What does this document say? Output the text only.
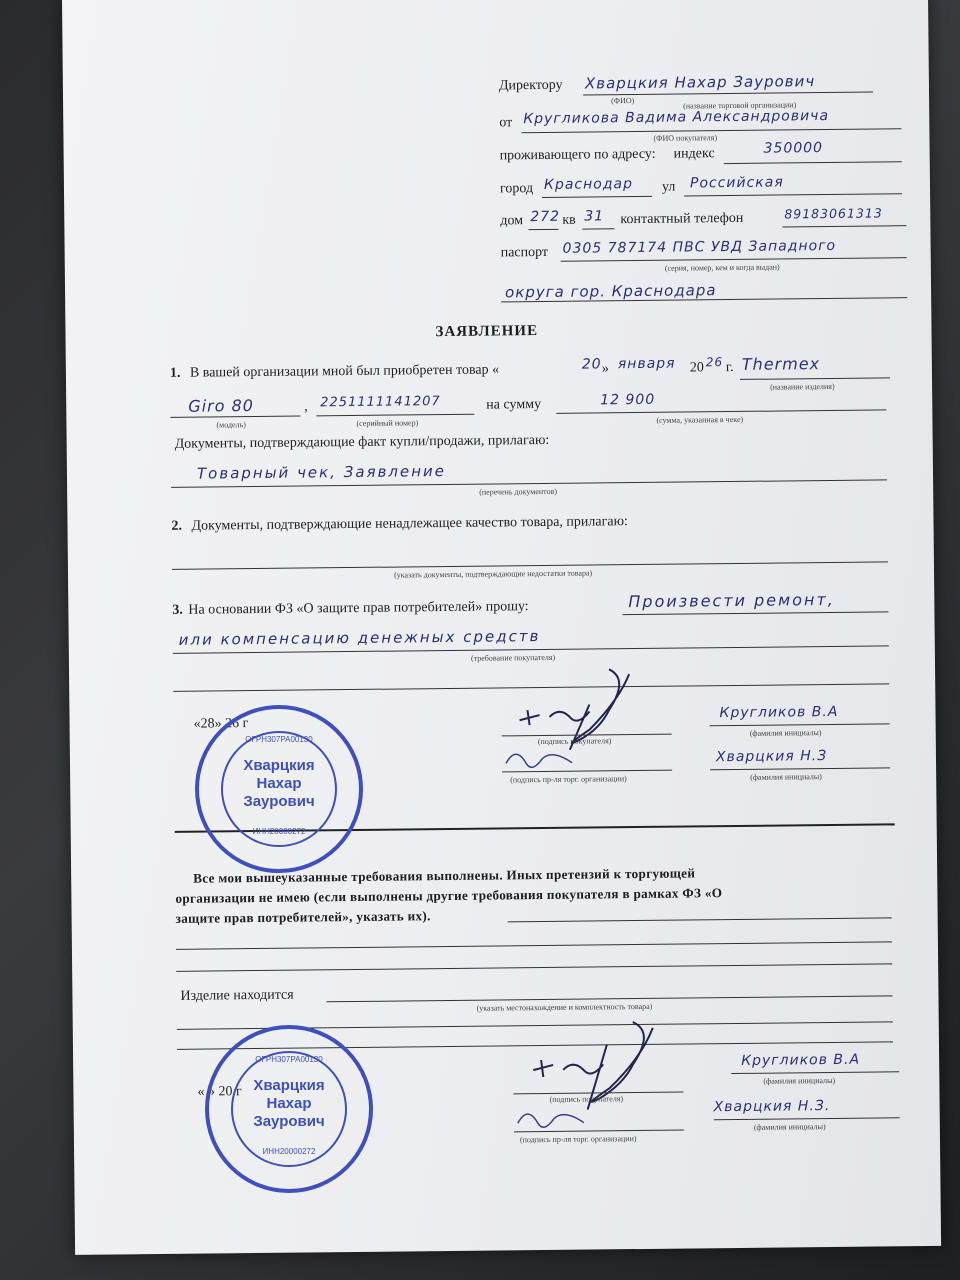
Директору Хварцкия Нахар Заурович
(ФИО)	(название торговой организации)
от Кругликова Вадима Александровича
(ФИО покупателя)
проживающего по адресу: индекс	350000
город Краснодар ул Российская
дом 272 кв 31 контактный телефон	89183061313
паспорт 0305 787174 ПВС УВД Западного
(серия, номер, кем и когда выдан)
округа гор. Краснодара
ЗАЯВЛЕНИЕ
1. В вашей организации мной был приобретен товар «	20 » января 20 26 г. Thermex
(название изделия)
Giro 80
(модель)
, 2251111141207
(серийный номер)
на сумму	12 900
(сумма, указанная в чеке)
Документы, подтверждающие факт купли/продажи, прилагаю:
Товарный чек, Заявление
(перечень документов)
2. Документы, подтверждающие ненадлежащее качество товара, прилагаю:
(указать документы, подтверждающие недостатки товара)
3. На основании ФЗ «О защите прав потребителей» прошу:	Произвести ремонт,
или компенсацию денежных средств
(требование покупателя)
«28» 26 г
(подпись покупателя)
Кругликов В.А
(фамилия инициалы)
(подпись пр-ля торг. организации)
Хварцкия Н.З
(фамилия инициалы)
Все мои вышеуказанные требования выполнены. Иных претензий к торгующей
организации не имею (если выполнены другие требования покупателя в рамках ФЗ «О
защите прав потребителей», указать их).
Изделие находится
(указать местонахождение и комплектность товара)
« » 20 г	(подпись покупателя)
Кругликов В.А
(фамилия инициалы)
(подпись пр-ля торг. организации)
Хварцкия Н.З.
(фамилия инициалы)
ОГРН307РА00130
Хварцкия
Нахар
Заурович
ИНН20000272
ОГРН307РА00130
Хварцкия
Нахар
Заурович
ИНН20000272
